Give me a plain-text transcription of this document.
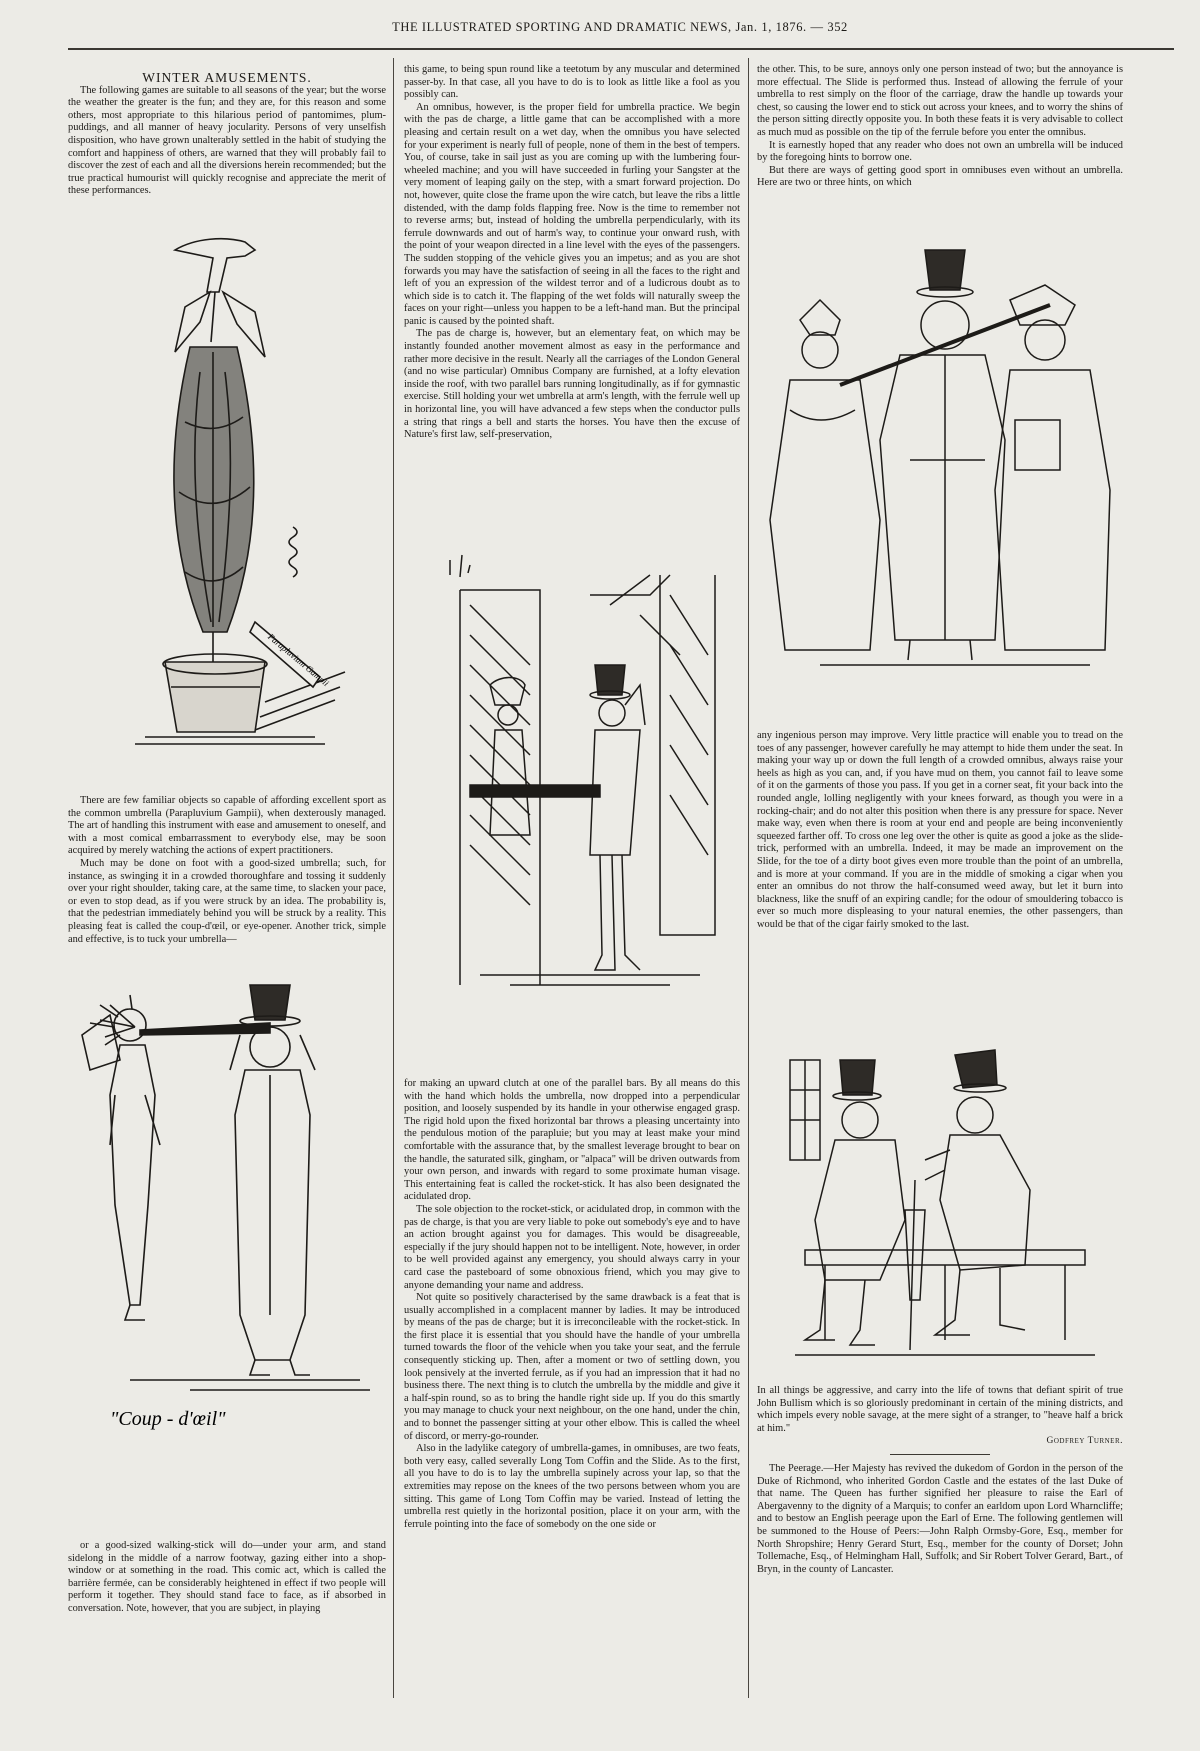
THE ILLUSTRATED SPORTING AND DRAMATIC NEWS, Jan. 1, 1876. — 352

WINTER AMUSEMENTS.

The following games are suitable to all seasons of the year; but the worse the weather the greater is the fun; and they are, for this reason and some others, most appropriate to this hilarious period of pantomimes, plum-puddings, and all manner of heavy jocularity. Persons of very unselfish disposition, who have grown unalterably settled in the habit of studying the comfort and happiness of others, are warned that they will probably fail to discover the zest of each and all the diversions herein recommended; but the true practical humourist will quickly recognise and appreciate the merit of these performances.

Parapluvium Gampii

There are few familiar objects so capable of affording excellent sport as the common umbrella (Parapluvium Gampii), when dexterously managed. The art of handling this instrument with ease and amusement to oneself, and with a most comical embarrassment to everybody else, may be soon acquired by merely watching the actions of expert practitioners.

Much may be done on foot with a good-sized umbrella; such, for instance, as swinging it in a crowded thoroughfare and tossing it suddenly over your right shoulder, taking care, at the same time, to slacken your pace, or even to stop dead, as if you were struck by an idea. The probability is, that the pedestrian immediately behind you will be struck by a reality. This pleasing feat is called the coup-d'œil, or eye-opener. Another trick, simple and effective, is to tuck your umbrella—

"Coup - d'œil"

or a good-sized walking-stick will do—under your arm, and stand sidelong in the middle of a narrow footway, gazing either into a shop-window or at something in the road. This comic act, which is called the barrière fermée, can be considerably heightened in effect if two people will perform it together. They should stand face to face, as if absorbed in conversation. Note, however, that you are subject, in playing

this game, to being spun round like a teetotum by any muscular and determined passer-by. In that case, all you have to do is to look as little like a fool as you possibly can.

An omnibus, however, is the proper field for umbrella practice. We begin with the pas de charge, a little game that can be accomplished with a more pleasing and certain result on a wet day, when the omnibus you have selected for your experiment is nearly full of people, none of them in the best of tempers. You, of course, take in sail just as you are coming up with the lumbering four-wheeled machine; and you will have succeeded in furling your Sangster at the very moment of leaping gaily on the step, with a smart forward projection. Do not, however, quite close the frame upon the wire catch, but leave the ribs a little distended, with the damp folds flapping free. Now is the time to remember not to reverse arms; but, instead of holding the umbrella perpendicularly, with its ferrule downwards and out of harm's way, to continue your onward rush, with the point of your weapon directed in a line level with the eyes of the passengers. The sudden stopping of the vehicle gives you an impetus; and as you are shot forwards you may have the satisfaction of seeing in all the faces to the right and left of you an expression of the wildest terror and of a ludicrous doubt as to which side is to catch it. The flapping of the wet folds will naturally sweep the faces on your right—unless you happen to be a left-hand man. But the principal panic is caused by the pointed shaft.

The pas de charge is, however, but an elementary feat, on which may be instantly founded another movement almost as easy in the performance and rather more decisive in the result. Nearly all the carriages of the London General (and no wise particular) Omnibus Company are furnished, at a lofty elevation inside the roof, with two parallel bars running longitudinally, as if for gymnastic exercise. Still holding your wet umbrella at arm's length, with the ferrule well up in horizontal line, you will have advanced a few steps when the conductor pulls a string that rings a bell and starts the horses. You have then the excuse of Nature's first law, self-preservation,

for making an upward clutch at one of the parallel bars. By all means do this with the hand which holds the umbrella, now dropped into a perpendicular position, and loosely suspended by its handle in your otherwise engaged grasp. The rigid hold upon the fixed horizontal bar throws a pleasing uncertainty into the pendulous motion of the parapluie; but you may at least make your mind comfortable with the assurance that, by the smallest leverage brought to bear on the handle, the saturated silk, gingham, or "alpaca" will be driven outwards from your own person, and inwards with regard to some proximate human visage. This entertaining feat is called the rocket-stick. It has also been designated the acidulated drop.

The sole objection to the rocket-stick, or acidulated drop, in common with the pas de charge, is that you are very liable to poke out somebody's eye and to have an action brought against you for damages. This would be disagreeable, especially if the jury should happen not to be intelligent. Note, however, in order to be well provided against any emergency, you should always carry in your card case the pasteboard of some obnoxious friend, which you may give to anyone demanding your name and address.

Not quite so positively characterised by the same drawback is a feat that is usually accomplished in a complacent manner by ladies. It may be introduced by means of the pas de charge; but it is irreconcileable with the rocket-stick. In the first place it is essential that you should have the handle of your umbrella turned towards the floor of the vehicle when you take your seat, and the ferrule consequently sticking up. Then, after a moment or two of settling down, you look pensively at the inverted ferrule, as if you had an impression that it had no business there. The next thing is to clutch the umbrella by the middle and give it a half-spin round, so as to bring the handle right side up. If you do this smartly you may manage to chuck your next neighbour, on the one hand, under the chin, and to bonnet the passenger sitting at your other elbow. This is called the wheel of discord, or merry-go-rounder.

Also in the ladylike category of umbrella-games, in omnibuses, are two feats, both very easy, called severally Long Tom Coffin and the Slide. As to the first, all you have to do is to lay the umbrella supinely across your lap, so that the extremities may repose on the knees of the two persons between whom you are sitting. This game of Long Tom Coffin may be varied. Instead of letting the umbrella rest quietly in the horizontal position, place it on your arm, with the ferrule pointing into the face of somebody on the one side or

the other. This, to be sure, annoys only one person instead of two; but the annoyance is more effectual. The Slide is performed thus. Instead of allowing the ferrule of your umbrella to rest simply on the floor of the carriage, draw the handle up towards your chest, so causing the lower end to stick out across your knees, and to worry the shins of the person sitting directly opposite you. In both these feats it is very advisable to collect as much mud as possible on the tip of the ferrule before you enter the omnibus.

It is earnestly hoped that any reader who does not own an umbrella will be induced by the foregoing hints to borrow one.

But there are ways of getting good sport in omnibuses even without an umbrella. Here are two or three hints, on which

any ingenious person may improve. Very little practice will enable you to tread on the toes of any passenger, however carefully he may attempt to hide them under the seat. In making your way up or down the full length of a crowded omnibus, always raise your heels as high as you can, and, if you have mud on them, you cannot fail to leave some of it on the garments of those you pass. If you get in a corner seat, fit your back into the rounded angle, lolling negligently with your knees forward, as though you were in a rocking-chair; and do not alter this position when there is any pressure for space. Never make way, even when there is room at your end and people are being inconveniently squeezed farther off. To cross one leg over the other is quite as good a joke as the slide-trick, performed with an umbrella. Indeed, it may be made an improvement on the Slide, for the toe of a dirty boot gives even more trouble than the point of an umbrella, and is more at your command. If you are in the middle of smoking a cigar when you enter an omnibus do not throw the half-consumed weed away, but let it burn into blackness, like the snuff of an expiring candle; for the odour of smouldering tobacco is ever so much more displeasing to your natural enemies, the other passengers, than would be that of the cigar fairly smoked to the last.

In all things be aggressive, and carry into the life of towns that defiant spirit of true John Bullism which is so gloriously predominant in certain of the mining districts, and which impels every noble savage, at the mere sight of a stranger, to "heave half a brick at him."

Godfrey Turner.

The Peerage.—Her Majesty has revived the dukedom of Gordon in the person of the Duke of Richmond, who inherited Gordon Castle and the estates of the last Duke of that name. The Queen has further signified her pleasure to raise the Earl of Abergavenny to the dignity of a Marquis; to confer an earldom upon Lord Wharncliffe; and to bestow an English peerage upon the Earl of Erne. The following gentlemen will be summoned to the House of Peers:—John Ralph Ormsby-Gore, Esq., member for North Shropshire; Henry Gerard Sturt, Esq., member for the county of Dorset; John Tollemache, Esq., of Helmingham Hall, Suffolk; and Sir Robert Tolver Gerard, Bart., of Bryn, in the county of Lancaster.
